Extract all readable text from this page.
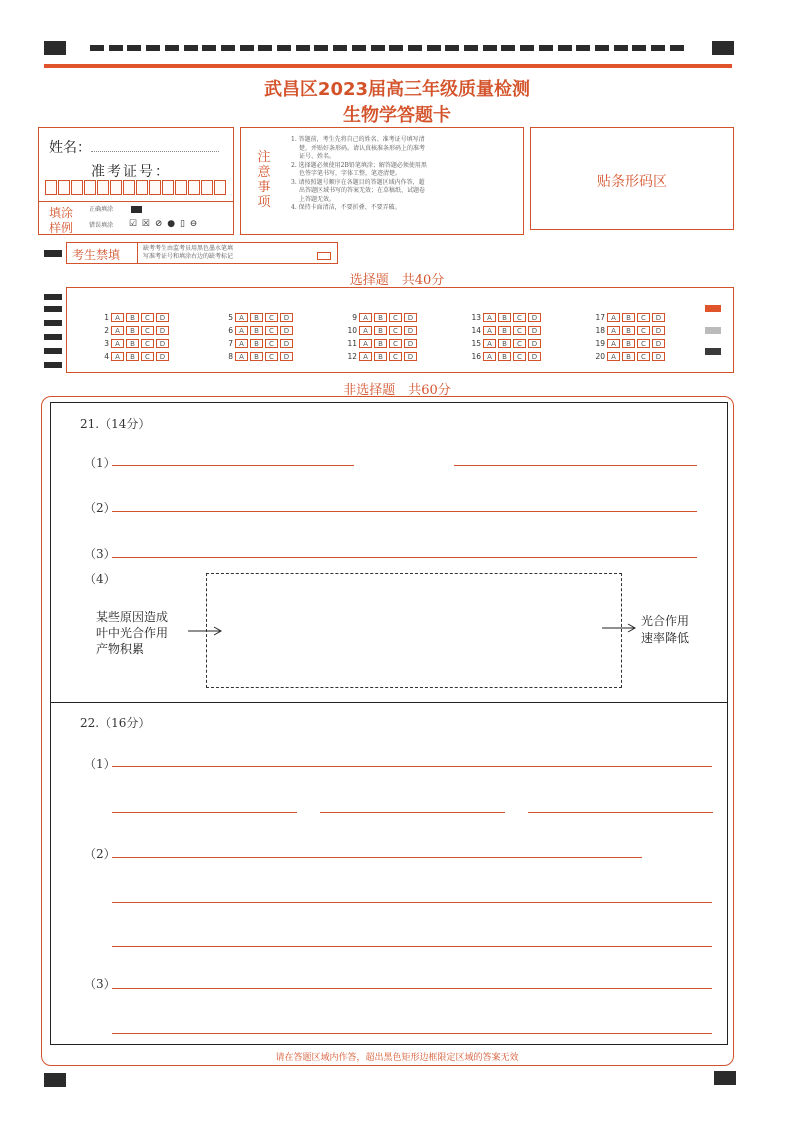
武昌区2023届高三年级质量检测
生物学答题卡
姓名：
准考证号：
填涂
样例
正确填涂
错误填涂 ☑ ☒ ⊘ ● ▯ ⊖
注意事项
1. 答题前，考生先将自己的姓名、准考证号填写清
楚，并贴好条形码。请认真核准条形码上的准考
证号、姓名。
2. 选择题必须使用2B铅笔填涂；解答题必须使用黑
色签字笔书写，字体工整，笔迹清楚。
3. 请按照题号顺序在各题目的答题区域内作答，超
出答题区域书写的答案无效；在草稿纸、试题卷
上答题无效。
4. 保持卡面清洁，不要折叠、不要弄破。
贴条形码区
考生禁填	缺考考生由监考员用黑色墨水笔填
写准考证号和填涂右边的缺考标记
选择题　共40分
1 A B C D
2 A B C D
3 A B C D
4 A B C D
5 A B C D
6 A B C D
7 A B C D
8 A B C D
9 A B C D
10 A B C D
11 A B C D
12 A B C D
13 A B C D
14 A B C D
15 A B C D
16 A B C D
17 A B C D
18 A B C D
19 A B C D
20 A B C D
非选择题　共60分
21.（14分）
（1）
（2）
（3）
（4）
某些原因造成
叶中光合作用
产物积累
光合作用
速率降低
22.（16分）
（1）
（2）
（3）
请在答题区域内作答，超出黑色矩形边框限定区域的答案无效
